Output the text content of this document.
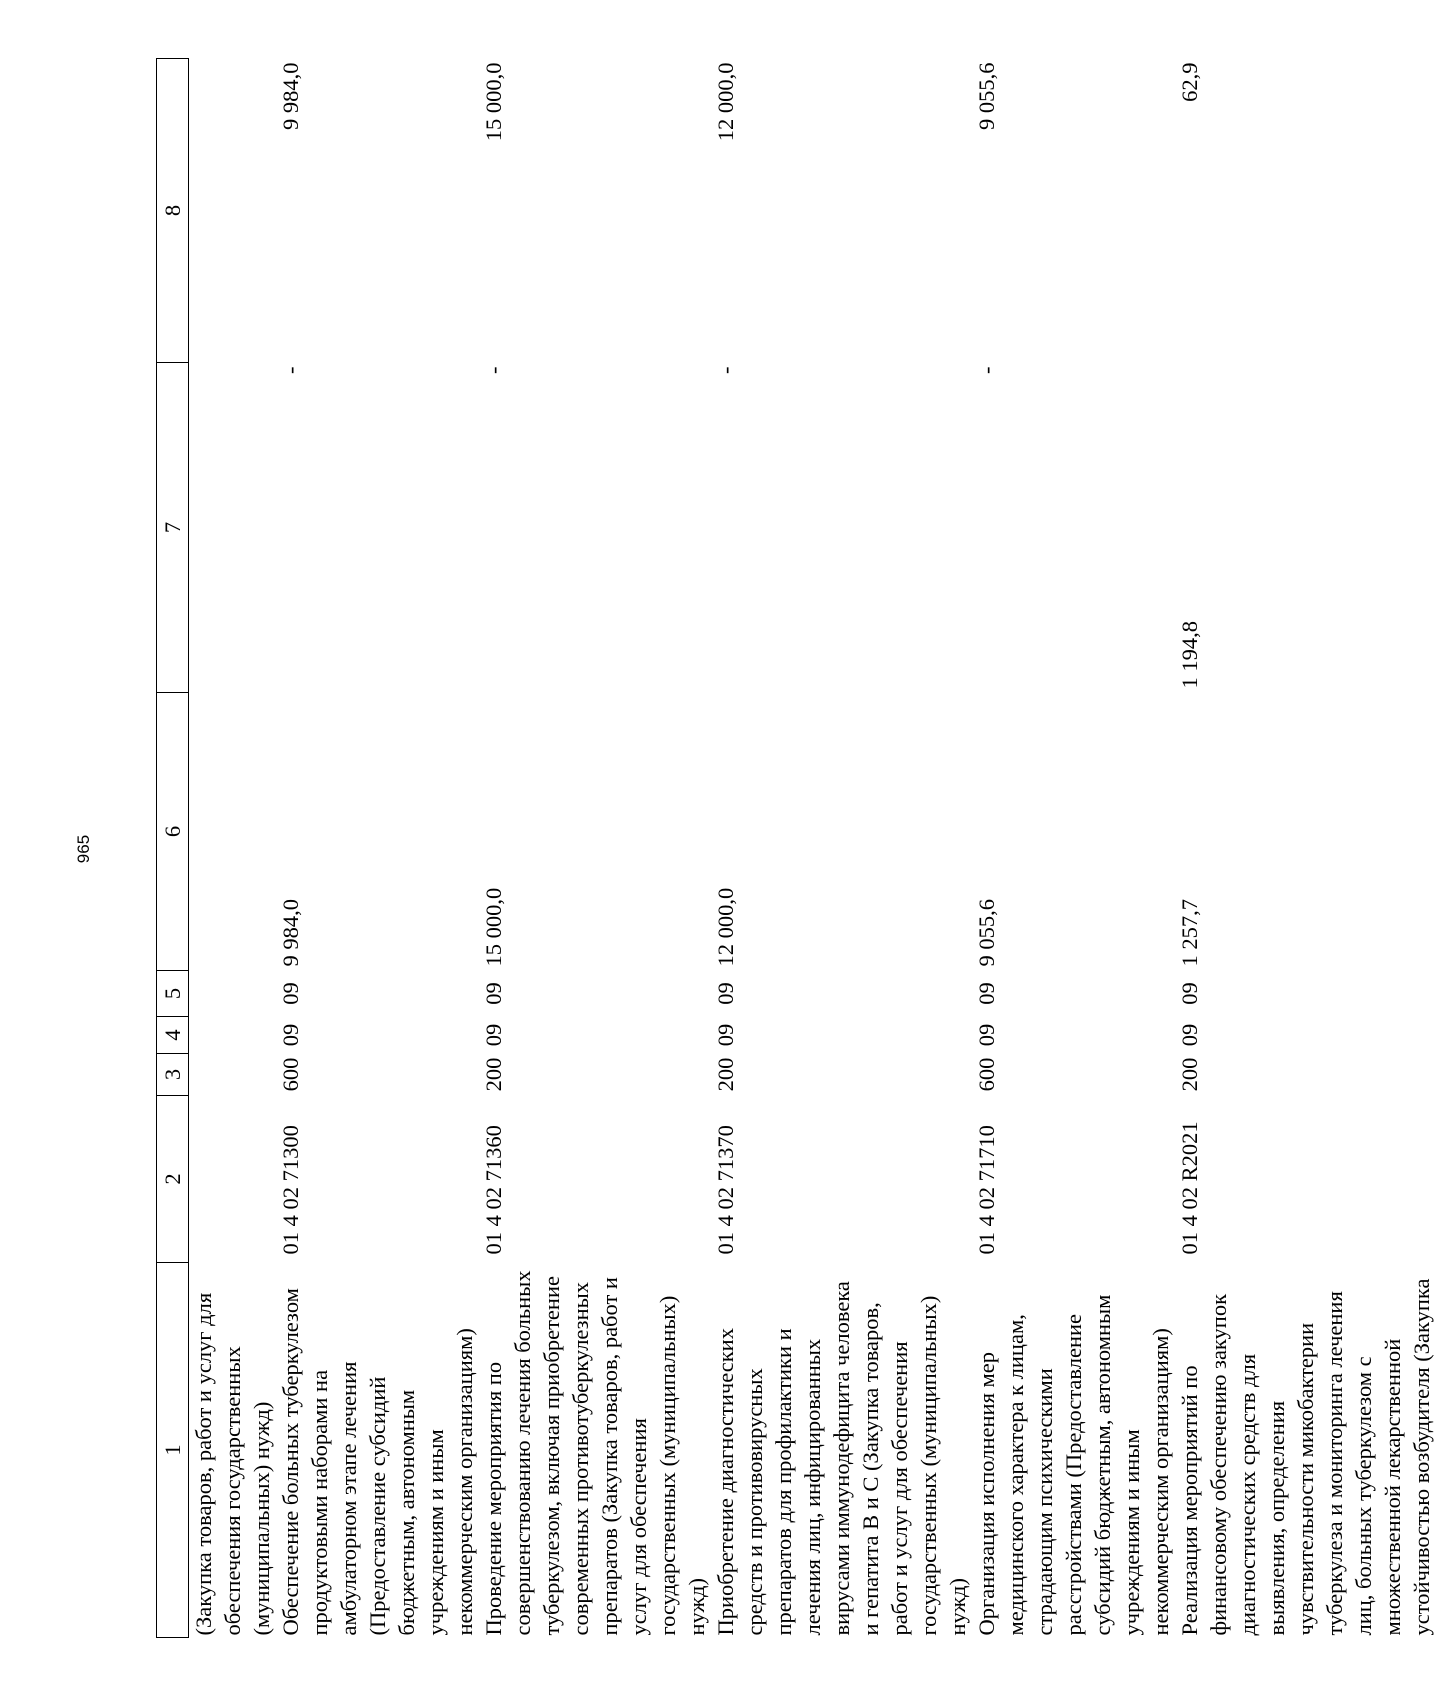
965
1	2	3	4	5	6	7	8

(Закупка товаров, работ и услуг для обеспечения государственных (муниципальных) нужд)							

Обеспечение больных туберкулезом продуктовыми наборами на амбулаторном этапе лечения (Предоставление субсидий бюджетным, автономным учреждениям и иным некоммерческим организациям)	01 4 02 71300	600	09	09	9 984,0	-	9 984,0

Проведение мероприятия по совершенствованию лечения больных туберкулезом, включая приобретение современных противотуберкулезных препаратов (Закупка товаров, работ и услуг для обеспечения государственных (муниципальных) нужд)	01 4 02 71360	200	09	09	15 000,0	-	15 000,0

Приобретение диагностических средств и противовирусных препаратов для профилактики и лечения лиц, инфицированных вирусами иммунодефицита человека и гепатита В и С (Закупка товаров, работ и услуг для обеспечения государственных (муниципальных) нужд)	01 4 02 71370	200	09	09	12 000,0	-	12 000,0

Организация исполнения мер медицинского характера к лицам, страдающим психическими расстройствами (Предоставление субсидий бюджетным, автономным учреждениям и иным некоммерческим организациям)	01 4 02 71710	600	09	09	9 055,6	-	9 055,6

Реализация мероприятий по финансовому обеспечению закупок диагностических средств для выявления, определения чувствительности микобактерии туберкулеза и мониторинга лечения лиц, больных туберкулезом с множественной лекарственной устойчивостью возбудителя (Закупка	01 4 02 R2021	200	09	09	1 257,7	1 194,8	62,9
